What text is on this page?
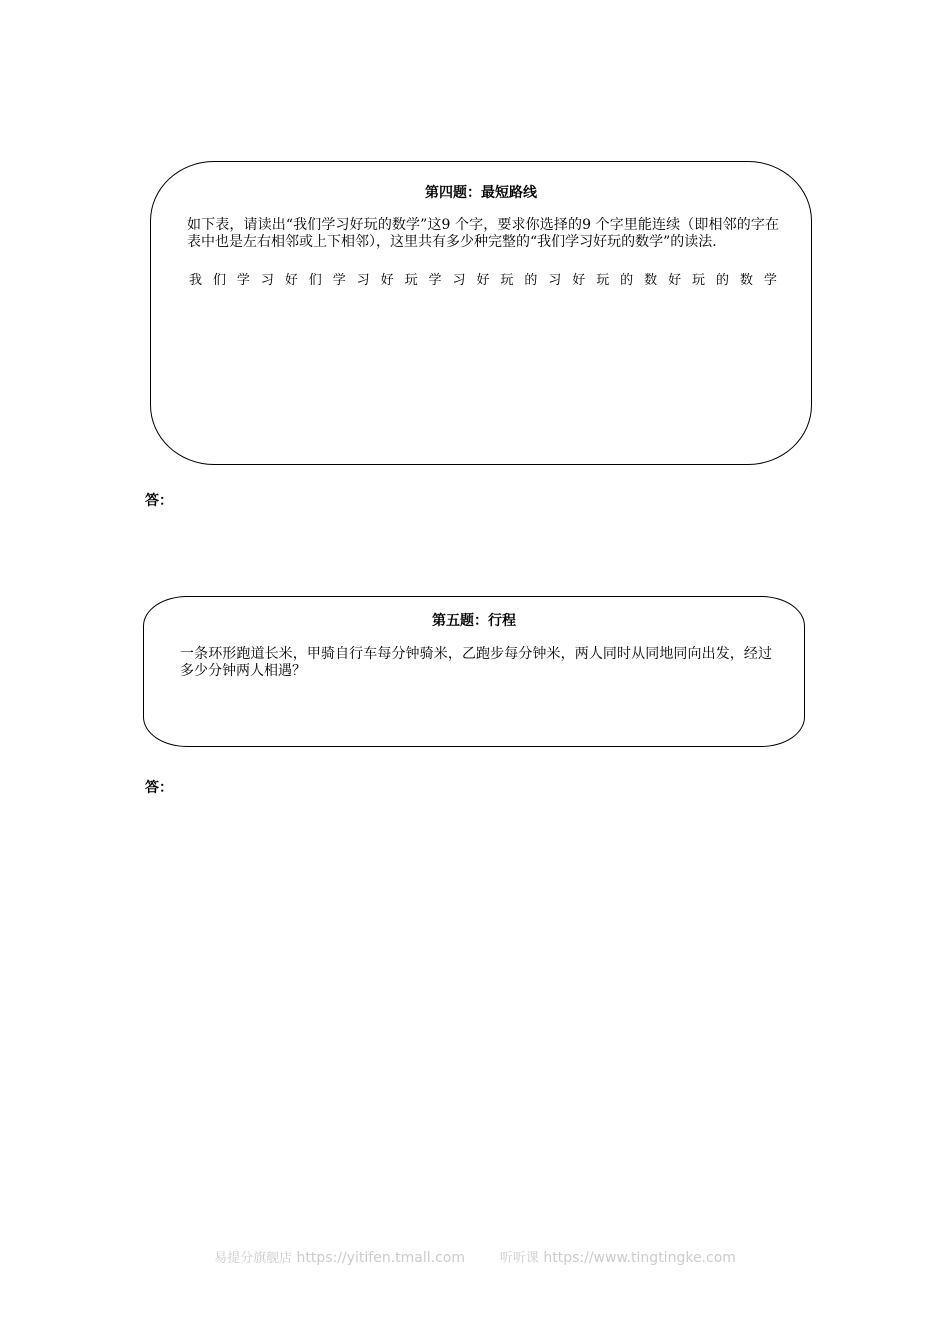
第四题：最短路线
如下表，请读出“我们学习好玩的数学”这9 个字，要求你选择的9 个字里能连续（即相邻的字在表中也是左右相邻或上下相邻），这里共有多少种完整的“我们学习好玩的数学”的读法.
我 们 学 习 好 们 学 习 好 玩 学 习 好 玩 的 习 好 玩 的 数 好 玩 的 数 学
答：
第五题：行程
一条环形跑道长米，甲骑自行车每分钟骑米，乙跑步每分钟米，两人同时从同地同向出发，经过多少分钟两人相遇？
答：
易提分旗舰店 https://yitifen.tmall.com	听听课 https://www.tingtingke.com
